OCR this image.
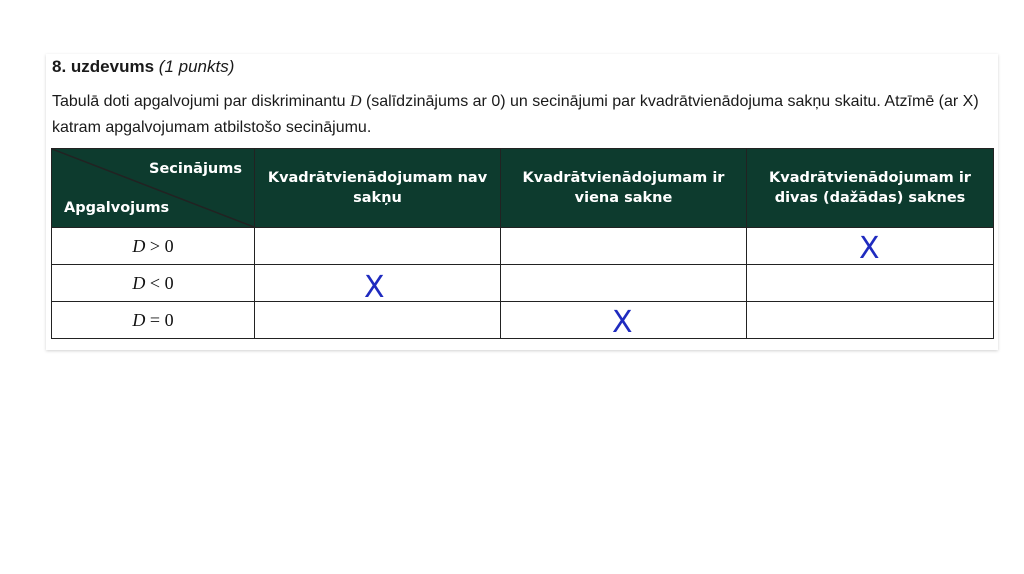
8. uzdevums (1 punkts)
Tabulā doti apgalvojumi par diskriminantu D (salīdzinājums ar 0) un secinājumi par kvadrātvienādojuma sakņu skaitu. Atzīmē (ar X) katram apgalvojumam atbilstošo secinājumu.
Secinājums
Apgalvojums	Kvadrātvienādojumam nav sakņu	Kvadrātvienādojumam ir viena sakne	Kvadrātvienādojumam ir divas (dažādas) saknes
D > 0			X

D < 0	X		

D = 0		X	
